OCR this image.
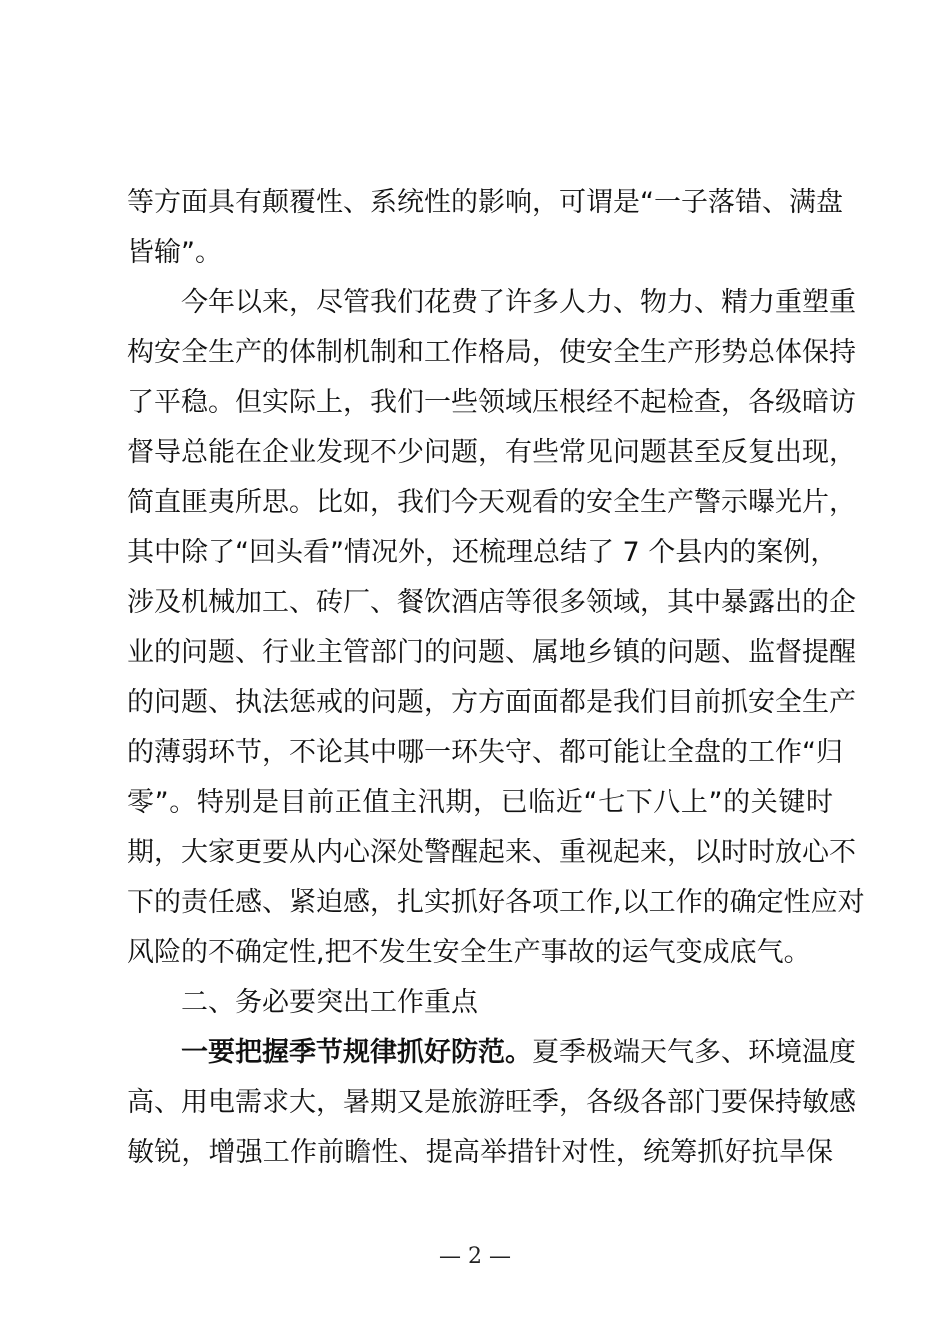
等方面具有颠覆性、系统性的影响，可谓是“一子落错、满盘
皆输”。
今年以来，尽管我们花费了许多人力、物力、精力重塑重
构安全生产的体制机制和工作格局，使安全生产形势总体保持
了平稳。但实际上，我们一些领域压根经不起检查，各级暗访
督导总能在企业发现不少问题，有些常见问题甚至反复出现，
简直匪夷所思。比如，我们今天观看的安全生产警示曝光片，
其中除了“回头看”情况外，还梳理总结了 7 个县内的案例，
涉及机械加工、砖厂、餐饮酒店等很多领域，其中暴露出的企
业的问题、行业主管部门的问题、属地乡镇的问题、监督提醒
的问题、执法惩戒的问题，方方面面都是我们目前抓安全生产
的薄弱环节，不论其中哪一环失守、都可能让全盘的工作“归
零”。特别是目前正值主汛期，已临近“七下八上”的关键时
期，大家更要从内心深处警醒起来、重视起来，以时时放心不
下的责任感、紧迫感，扎实抓好各项工作,以工作的确定性应对
风险的不确定性,把不发生安全生产事故的运气变成底气。
二、务必要突出工作重点
一要把握季节规律抓好防范。夏季极端天气多、环境温度
高、用电需求大，暑期又是旅游旺季，各级各部门要保持敏感
敏锐，增强工作前瞻性、提高举措针对性，统筹抓好抗旱保
— 2 —
